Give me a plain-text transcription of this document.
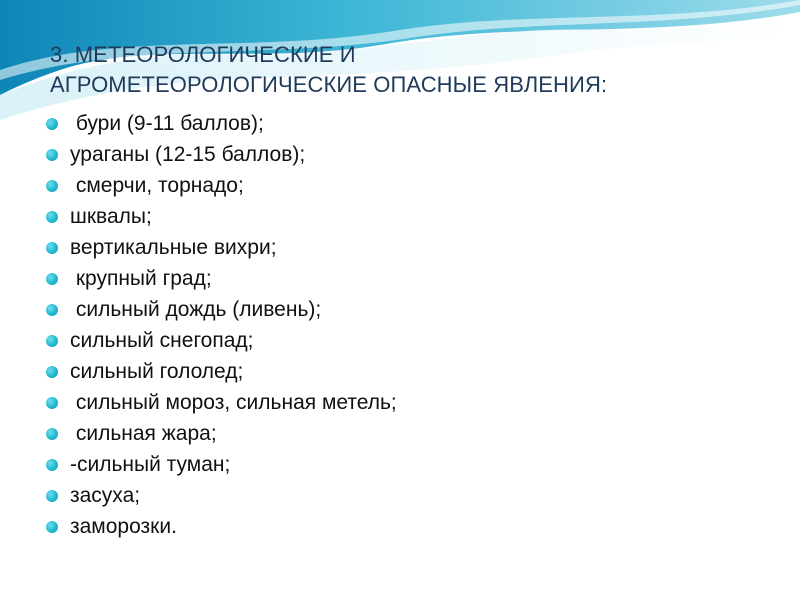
3. МЕТЕОРОЛОГИЧЕСКИЕ И
АГРОМЕТЕОРОЛОГИЧЕСКИЕ ОПАСНЫЕ ЯВЛЕНИЯ:
бури (9-11 баллов);
ураганы (12-15 баллов);
смерчи, торнадо;
шквалы;
вертикальные вихри;
крупный град;
сильный дождь (ливень);
сильный снегопад;
сильный гололед;
сильный мороз, сильная метель;
сильная жара;
-сильный туман;
засуха;
заморозки.
